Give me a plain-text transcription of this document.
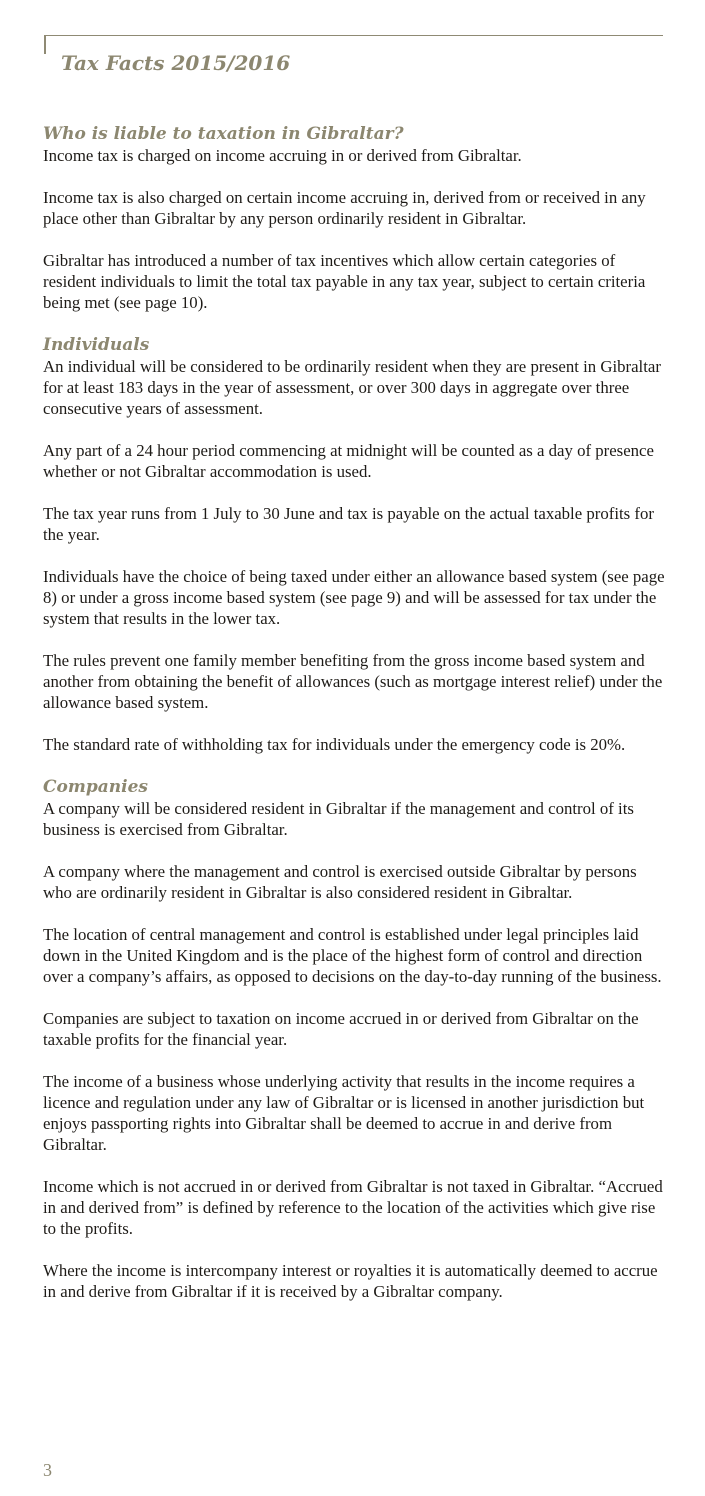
Tax Facts 2015/2016
Who is liable to taxation in Gibraltar?

Income tax is charged on income accruing in or derived from Gibraltar.

Income tax is also charged on certain income accruing in, derived from or received in any place other than Gibraltar by any person ordinarily resident in Gibraltar.

Gibraltar has introduced a number of tax incentives which allow certain categories of resident individuals to limit the total tax payable in any tax year, subject to certain criteria being met (see page 10).

Individuals

An individual will be considered to be ordinarily resident when they are present in Gibraltar for at least 183 days in the year of assessment, or over 300 days in aggregate over three consecutive years of assessment.

Any part of a 24 hour period commencing at midnight will be counted as a day of presence whether or not Gibraltar accommodation is used.

The tax year runs from 1 July to 30 June and tax is payable on the actual taxable profits for the year.

Individuals have the choice of being taxed under either an allowance based system (see page 8) or under a gross income based system (see page 9) and will be assessed for tax under the system that results in the lower tax.

The rules prevent one family member benefiting from the gross income based system and another from obtaining the benefit of allowances (such as mortgage interest relief) under the allowance based system.

The standard rate of withholding tax for individuals under the emergency code is 20%.

Companies

A company will be considered resident in Gibraltar if the management and control of its business is exercised from Gibraltar.

A company where the management and control is exercised outside Gibraltar by persons who are ordinarily resident in Gibraltar is also considered resident in Gibraltar.

The location of central management and control is established under legal principles laid down in the United Kingdom and is the place of the highest form of control and direction over a company’s affairs, as opposed to decisions on the day-to-day running of the business.

Companies are subject to taxation on income accrued in or derived from Gibraltar on the taxable profits for the financial year.

The income of a business whose underlying activity that results in the income requires a licence and regulation under any law of Gibraltar or is licensed in another jurisdiction but enjoys passporting rights into Gibraltar shall be deemed to accrue in and derive from Gibraltar.

Income which is not accrued in or derived from Gibraltar is not taxed in Gibraltar. “Accrued in and derived from” is defined by reference to the location of the activities which give rise to the profits.

Where the income is intercompany interest or royalties it is automatically deemed to accrue in and derive from Gibraltar if it is received by a Gibraltar company.

3
